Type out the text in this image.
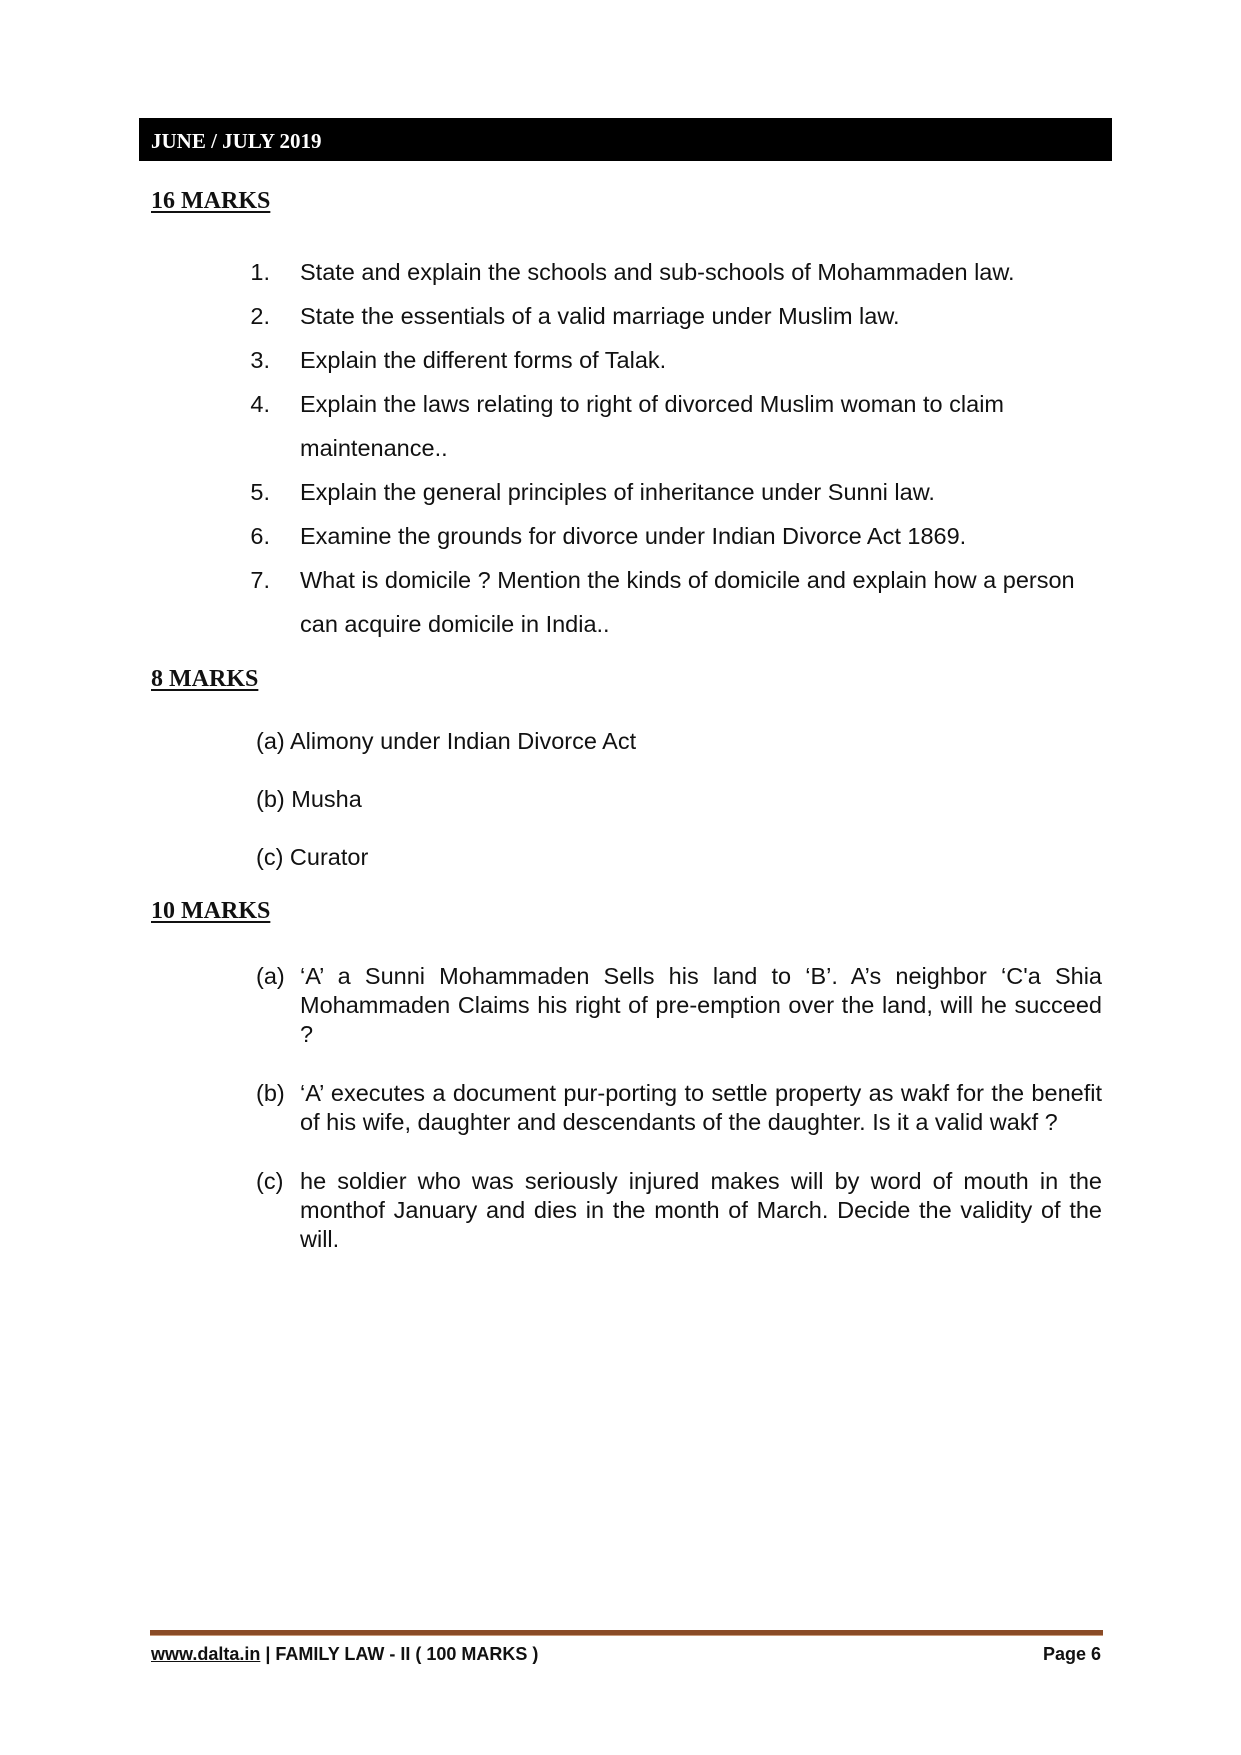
JUNE / JULY 2019
16 MARKS
1.	State and explain the schools and sub-schools of Mohammaden law.
2.	State the essentials of a valid marriage under Muslim law.
3.	Explain the different forms of Talak.
4.	Explain the laws relating to right of divorced Muslim woman to claim maintenance..
5.	Explain the general principles of inheritance under Sunni law.
6.	Examine the grounds for divorce under Indian Divorce Act 1869.
7.	What is domicile ? Mention the kinds of domicile and explain how a person can acquire domicile in India..
8 MARKS
(a) Alimony under Indian Divorce Act
(b) Musha
(c) Curator
10 MARKS
(a) ‘A’ a Sunni Mohammaden Sells his land to ‘B’. A’s neighbor ‘C'a Shia Mohammaden Claims his right of pre-emption over the land, will he succeed ?
(b) ‘A’ executes a document pur-porting to settle property as wakf for the benefit of his wife, daughter and descendants of the daughter. Is it a valid wakf ?
(c) he soldier who was seriously injured makes will by word of mouth in the monthof January and dies in the month of March. Decide the validity of the will.
www.dalta.in | FAMILY LAW - II ( 100 MARKS )	Page 6
